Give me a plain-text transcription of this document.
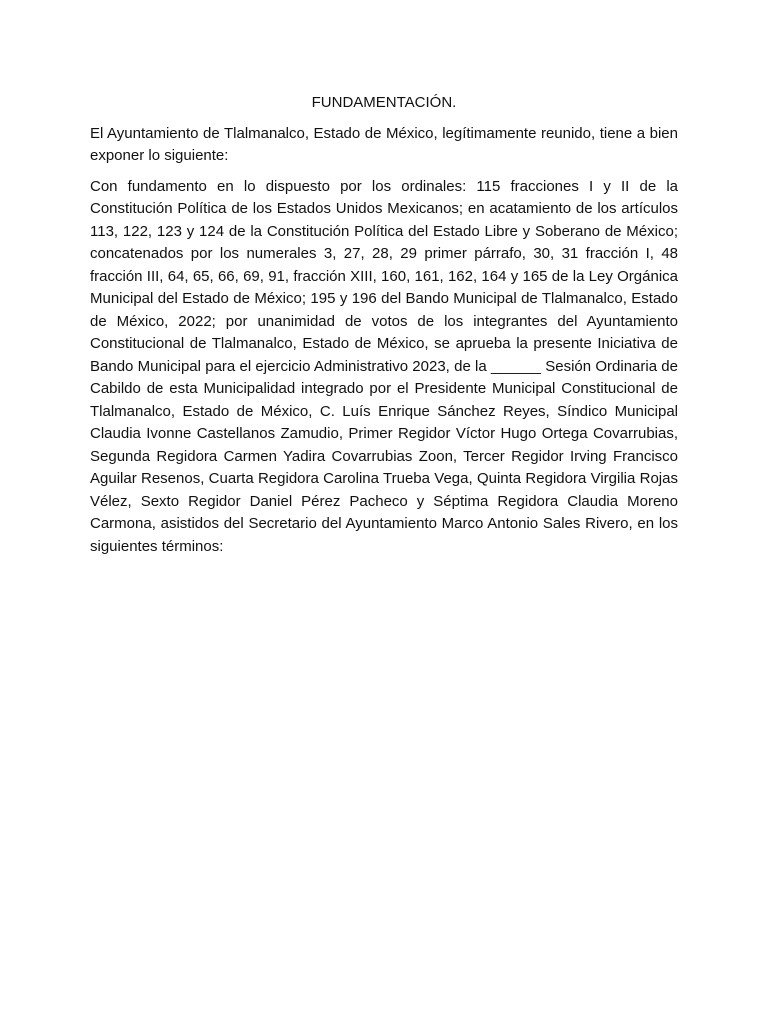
FUNDAMENTACIÓN.

El Ayuntamiento de Tlalmanalco, Estado de México, legítimamente reunido, tiene a bien exponer lo siguiente:

Con fundamento en lo dispuesto por los ordinales: 115 fracciones I y II de la Constitución Política de los Estados Unidos Mexicanos; en acatamiento de los artículos 113, 122, 123 y 124 de la Constitución Política del Estado Libre y Soberano de México; concatenados por los numerales 3, 27, 28, 29 primer párrafo, 30, 31 fracción I, 48 fracción III, 64, 65, 66, 69, 91, fracción XIII, 160, 161, 162, 164 y 165 de la Ley Orgánica Municipal del Estado de México; 195 y 196 del Bando Municipal de Tlalmanalco, Estado de México, 2022; por unanimidad de votos de los integrantes del Ayuntamiento Constitucional de Tlalmanalco, Estado de México, se aprueba la presente Iniciativa de Bando Municipal para el ejercicio Administrativo 2023, de la ______ Sesión Ordinaria de Cabildo de esta Municipalidad integrado por el Presidente Municipal Constitucional de Tlalmanalco, Estado de México, C. Luís Enrique Sánchez Reyes, Síndico Municipal Claudia Ivonne Castellanos Zamudio, Primer Regidor Víctor Hugo Ortega Covarrubias, Segunda Regidora Carmen Yadira Covarrubias Zoon, Tercer Regidor Irving Francisco Aguilar Resenos, Cuarta Regidora Carolina Trueba Vega, Quinta Regidora Virgilia Rojas Vélez, Sexto Regidor Daniel Pérez Pacheco y Séptima Regidora Claudia Moreno Carmona, asistidos del Secretario del Ayuntamiento Marco Antonio Sales Rivero, en los siguientes términos:
